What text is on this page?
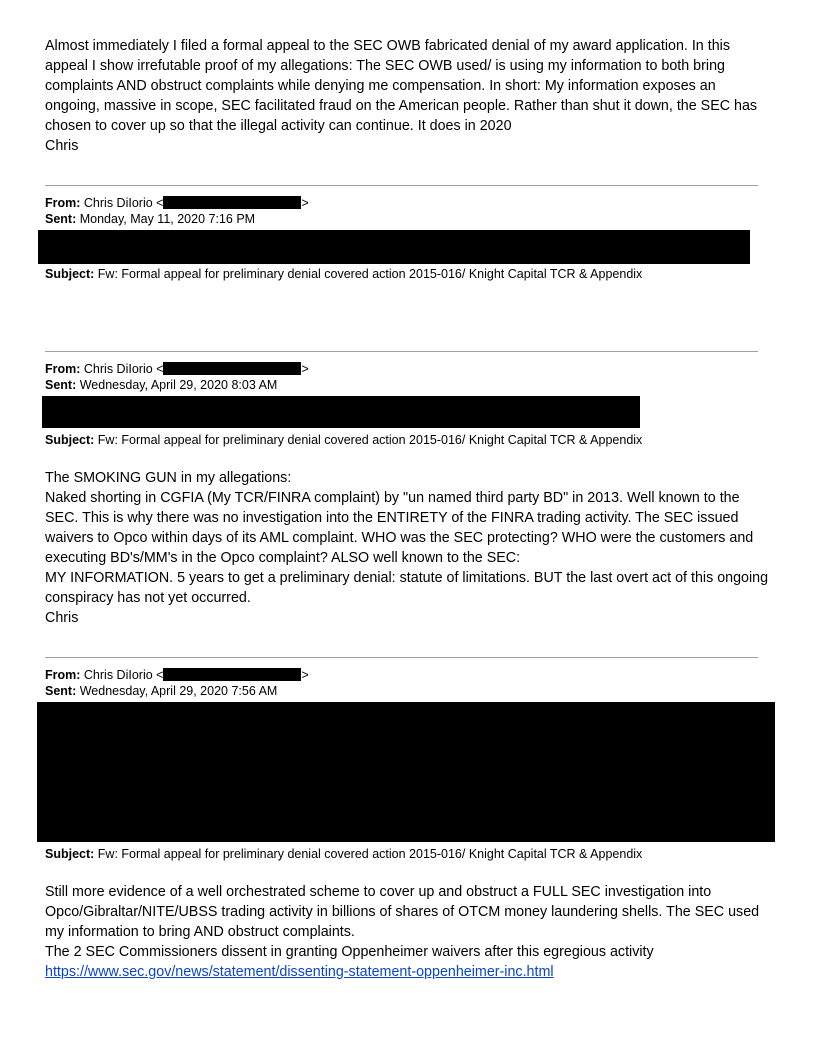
Almost immediately I filed a formal appeal to the SEC OWB fabricated denial of my award application. In this appeal I show irrefutable proof of my allegations: The SEC OWB used/ is using my information to both bring complaints AND obstruct complaints while denying me compensation. In short: My information exposes an ongoing, massive in scope, SEC facilitated fraud on the American people. Rather than shut it down, the SEC has chosen to cover up so that the illegal activity can continue. It does in 2020

Chris

From: Chris DiIorio <	>
Sent: Monday, May 11, 2020 7:16 PM
Subject: Fw: Formal appeal for preliminary denial covered action 2015-016/ Knight Capital TCR & Appendix
From: Chris DiIorio <	>
Sent: Wednesday, April 29, 2020 8:03 AM
Subject: Fw: Formal appeal for preliminary denial covered action 2015-016/ Knight Capital TCR & Appendix

The SMOKING GUN in my allegations:

Naked shorting in CGFIA (My TCR/FINRA complaint) by "un named third party BD" in 2013. Well known to the SEC. This is why there was no investigation into the ENTIRETY of the FINRA trading activity. The SEC issued waivers to Opco within days of its AML complaint. WHO was the SEC protecting? WHO were the customers and executing BD's/MM's in the Opco complaint? ALSO well known to the SEC:

MY INFORMATION. 5 years to get a preliminary denial: statute of limitations. BUT the last overt act of this ongoing conspiracy has not yet occurred.

Chris

From: Chris DiIorio <	>
Sent: Wednesday, April 29, 2020 7:56 AM
Subject: Fw: Formal appeal for preliminary denial covered action 2015-016/ Knight Capital TCR & Appendix

Still more evidence of a well orchestrated scheme to cover up and obstruct a FULL SEC investigation into Opco/Gibraltar/NITE/UBSS trading activity in billions of shares of OTCM money laundering shells. The SEC used my information to bring AND obstruct complaints.

The 2 SEC Commissioners dissent in granting Oppenheimer waivers after this egregious activity

https://www.sec.gov/news/statement/dissenting-statement-oppenheimer-inc.html
